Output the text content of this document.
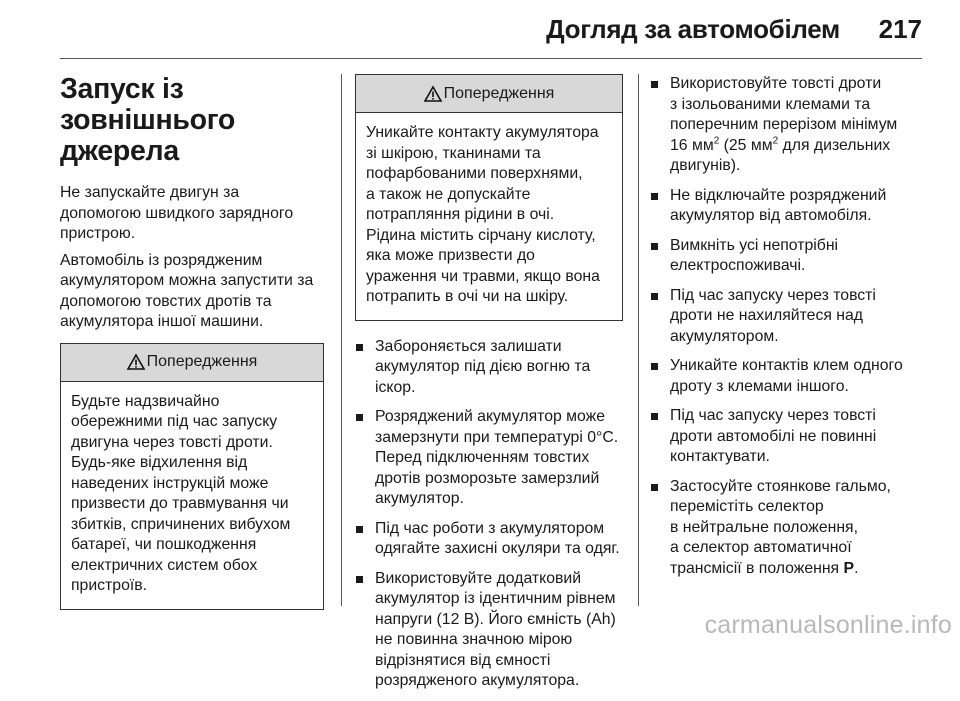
Догляд за автомобілем 217
Запуск із зовнішнього
джерела

Не запускайте двигун за
допомогою швидкого зарядного
пристрою.

Автомобіль із розрядженим
акумулятором можна запустити за
допомогою товстих дротів та
акумулятора іншої машини.

Попередження
Будьте надзвичайно
обережними під час запуску
двигуна через товсті дроти.
Будь-яке відхилення від
наведених інструкцій може
призвести до травмування чи
збитків, спричинених вибухом
батареї, чи пошкодження
електричних систем обох
пристроїв.
Попередження
Уникайте контакту акумулятора
зі шкірою, тканинами та
пофарбованими поверхнями,
а також не допускайте
потрапляння рідини в очі.
Рідина містить сірчану кислоту,
яка може призвести до
ураження чи травми, якщо вона
потрапить в очі чи на шкіру.
Забороняється залишати
акумулятор під дією вогню та
іскор.
Розряджений акумулятор може
замерзнути при температурі 0°C.
Перед підключенням товстих
дротів розморозьте замерзлий
акумулятор.
Під час роботи з акумулятором
одягайте захисні окуляри та одяг.
Використовуйте додатковий
акумулятор із ідентичним рівнем
напруги (12 В). Його ємність (Ah)
не повинна значною мірою
відрізнятися від ємності
розрядженого акумулятора.
Використовуйте товсті дроти
з ізольованими клемами та
поперечним перерізом мінімум
16 $мм^2$ (25 $мм^2$ для дизельних
двигунів).
Не відключайте розряджений
акумулятор від автомобіля.
Вимкніть усі непотрібні
електроспоживачі.
Під час запуску через товсті
дроти не нахиляйтеся над
акумулятором.
Уникайте контактів клем одного
дроту з клемами іншого.
Під час запуску через товсті
дроти автомобілі не повинні
контактувати.
Застосуйте стоянкове гальмо,
перемістіть селектор
в нейтральне положення,
а селектор автоматичної
трансмісії в положення P.
carmanualsonline.info
